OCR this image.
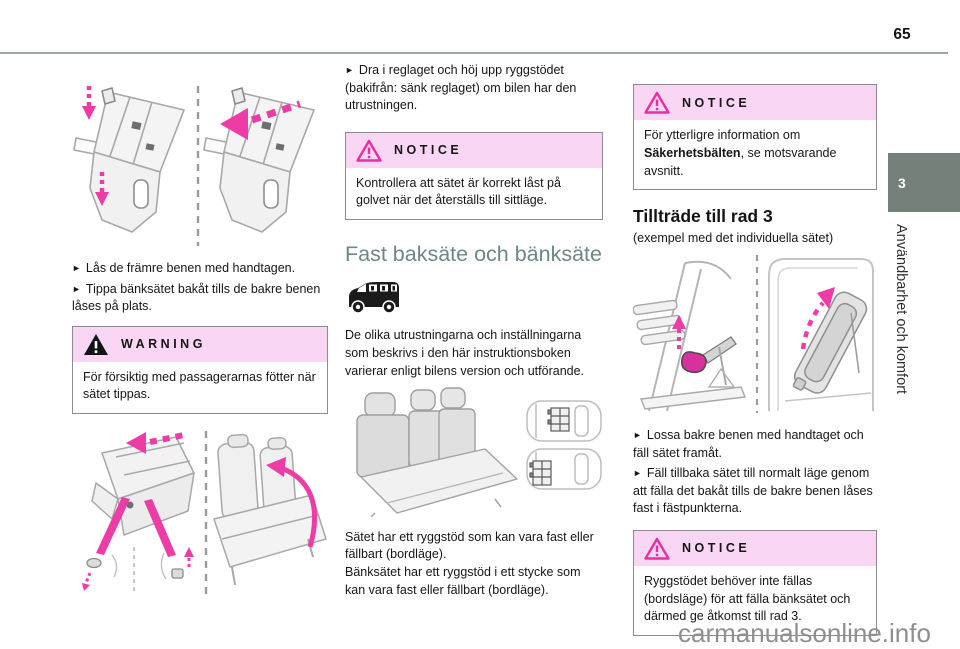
65

► Lås de främre benen med handtagen.

► Tippa bänksätet bakåt tills de bakre benen låses på plats.

WARNING
För försiktig med passagerarnas fötter när sätet tippas.

► Dra i reglaget och höj upp ryggstödet (bakifrån: sänk reglaget) om bilen har den utrustningen.

NOTICE
Kontrollera att sätet är korrekt låst på golvet när det återställs till sittläge.
Fast baksäte och bänksäte

De olika utrustningarna och inställningarna som beskrivs i den här instruktionsboken varierar enligt bilens version och utförande.

Sätet har ett ryggstöd som kan vara fast eller fällbart (bordläge).

Bänksätet har ett ryggstöd i ett stycke som kan vara fast eller fällbart (bordläge).

NOTICE
För ytterligre information om Säkerhetsbälten, se motsvarande avsnitt.
Tillträde till rad 3

(exempel med det individuella sätet)

► Lossa bakre benen med handtaget och fäll sätet framåt.

► Fäll tillbaka sätet till normalt läge genom att fälla det bakåt tills de bakre benen låses fast i fästpunkterna.

NOTICE
Ryggstödet behöver inte fällas (bordsläge) för att fälla bänksätet och därmed ge åtkomst till rad 3.
3
Användbarhet och komfort
carmanualsonline.info
